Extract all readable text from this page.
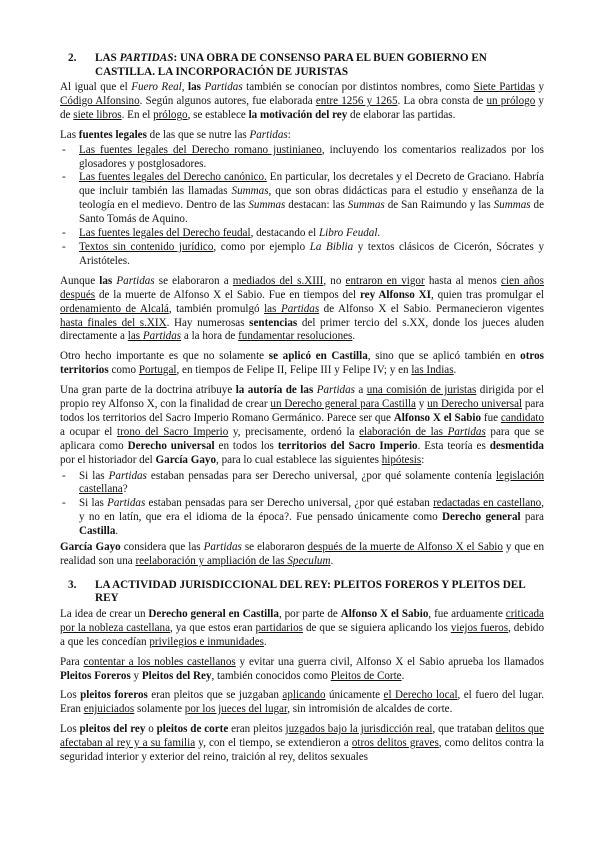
2.	LAS PARTIDAS: UNA OBRA DE CONSENSO PARA EL BUEN GOBIERNO EN CASTILLA. LA INCORPORACIÓN DE JURISTAS

Al igual que el Fuero Real, las Partidas también se conocían por distintos nombres, como Siete Partidas y Código Alfonsino. Según algunos autores, fue elaborada entre 1256 y 1265. La obra consta de un prólogo y de siete libros. En el prólogo, se establece la motivación del rey de elaborar las partidas.

Las fuentes legales de las que se nutre las Partidas:

- Las fuentes legales del Derecho romano justinianeo, incluyendo los comentarios realizados por los glosadores y postglosadores.
- Las fuentes legales del Derecho canónico. En particular, los decretales y el Decreto de Graciano. Habría que incluir también las llamadas Summas, que son obras didácticas para el estudio y enseñanza de la teología en el medievo. Dentro de las Summas destacan: las Summas de San Raimundo y las Summas de Santo Tomás de Aquino.
- Las fuentes legales del Derecho feudal, destacando el Libro Feudal.
- Textos sin contenido jurídico, como por ejemplo La Biblia y textos clásicos de Cicerón, Sócrates y Aristóteles.

Aunque las Partidas se elaboraron a mediados del s.XIII, no entraron en vigor hasta al menos cien años después de la muerte de Alfonso X el Sabio. Fue en tiempos del rey Alfonso XI, quien tras promulgar el ordenamiento de Alcalá, también promulgó las Partidas de Alfonso X el Sabio. Permanecieron vigentes hasta finales del s.XIX. Hay numerosas sentencias del primer tercio del s.XX, donde los jueces aluden directamente a las Partidas a la hora de fundamentar resoluciones.

Otro hecho importante es que no solamente se aplicó en Castilla, sino que se aplicó también en otros territorios como Portugal, en tiempos de Felipe II, Felipe III y Felipe IV; y en las Indias.

Una gran parte de la doctrina atribuye la autoría de las Partidas a una comisión de juristas dirigida por el propio rey Alfonso X, con la finalidad de crear un Derecho general para Castilla y un Derecho universal para todos los territorios del Sacro Imperio Romano Germánico. Parece ser que Alfonso X el Sabio fue candidato a ocupar el trono del Sacro Imperio y, precisamente, ordenó la elaboración de las Partidas para que se aplicara como Derecho universal en todos los territorios del Sacro Imperio. Esta teoría es desmentida por el historiador del García Gayo, para lo cual establece las siguientes hipótesis:

- Si las Partidas estaban pensadas para ser Derecho universal, ¿por qué solamente contenía legislación castellana?
- Si las Partidas estaban pensadas para ser Derecho universal, ¿por qué estaban redactadas en castellano, y no en latín, que era el idioma de la época?. Fue pensado únicamente como Derecho general para Castilla.

García Gayo considera que las Partidas se elaboraron después de la muerte de Alfonso X el Sabio y que en realidad son una reelaboración y ampliación de las Speculum.

3.	LA ACTIVIDAD JURISDICCIONAL DEL REY: PLEITOS FOREROS Y PLEITOS DEL REY

La idea de crear un Derecho general en Castilla, por parte de Alfonso X el Sabio, fue arduamente criticada por la nobleza castellana, ya que estos eran partidarios de que se siguiera aplicando los viejos fueros, debido a que les concedían privilegios e inmunidades.

Para contentar a los nobles castellanos y evitar una guerra civil, Alfonso X el Sabio aprueba los llamados Pleitos Foreros y Pleitos del Rey, también conocidos como Pleitos de Corte.

Los pleitos foreros eran pleitos que se juzgaban aplicando únicamente el Derecho local, el fuero del lugar. Eran enjuiciados solamente por los jueces del lugar, sin intromisión de alcaldes de corte.

Los pleitos del rey o pleitos de corte eran pleitos juzgados bajo la jurisdicción real, que trataban delitos que afectaban al rey y a su familia y, con el tiempo, se extendieron a otros delitos graves, como delitos contra la seguridad interior y exterior del reino, traición al rey, delitos sexuales
